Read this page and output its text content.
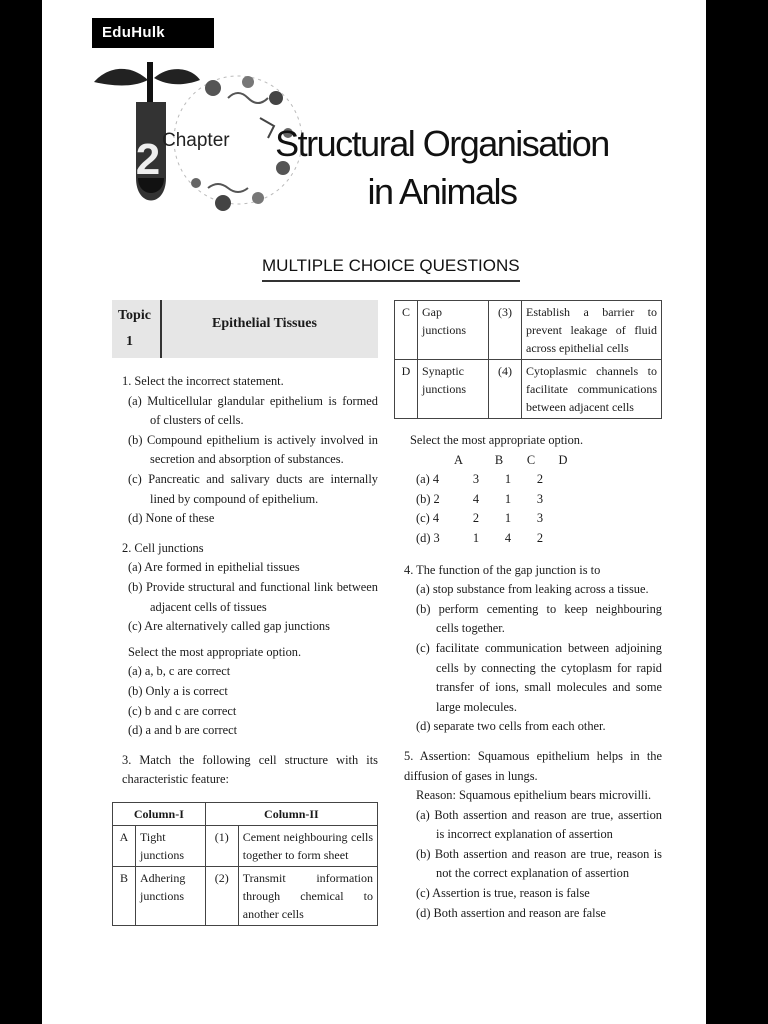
EduHulk
2 Chapter	Structural Organisation
in Animals
MULTIPLE CHOICE QUESTIONS
Topic
1
Epithelial Tissues
1. Select the incorrect statement.
(a) Multicellular glandular epithelium is formed of clusters of cells.
(b) Compound epithelium is actively involved in secretion and absorption of substances.
(c) Pancreatic and salivary ducts are internally lined by compound of epithelium.
(d) None of these
2. Cell junctions
(a) Are formed in epithelial tissues
(b) Provide structural and functional link between adjacent cells of tissues
(c) Are alternatively called gap junctions
Select the most appropriate option.
(a) a, b, c are correct
(b) Only a is correct
(c) b and c are correct
(d) a and b are correct
3. Match the following cell structure with its characteristic feature:
Column-I		Column-II	
A	Tight junctions	(1)	Cement neighbouring cells together to form sheet
B	Adhering junctions	(2)	Transmit information through chemical to another cells
C	Gap junctions	(3)	Establish a barrier to prevent leakage of fluid across epithelial cells
D	Synaptic junctions	(4)	Cytoplasmic channels to facilitate communications between adjacent cells
Select the most appropriate option.
A	B	C	D
(a) 4	3	1	2
(b) 2	4	1	3
(c) 4	2	1	3
(d) 3	1	4	2
4. The function of the gap junction is to
(a) stop substance from leaking across a tissue.
(b) perform cementing to keep neighbouring cells together.
(c) facilitate communication between adjoining cells by connecting the cytoplasm for rapid transfer of ions, small molecules and some large molecules.
(d) separate two cells from each other.
5. Assertion: Squamous epithelium helps in the diffusion of gases in lungs.
Reason: Squamous epithelium bears microvilli.
(a) Both assertion and reason are true, assertion is incorrect explanation of assertion
(b) Both assertion and reason are true, reason is not the correct explanation of assertion
(c) Assertion is true, reason is false
(d) Both assertion and reason are false
